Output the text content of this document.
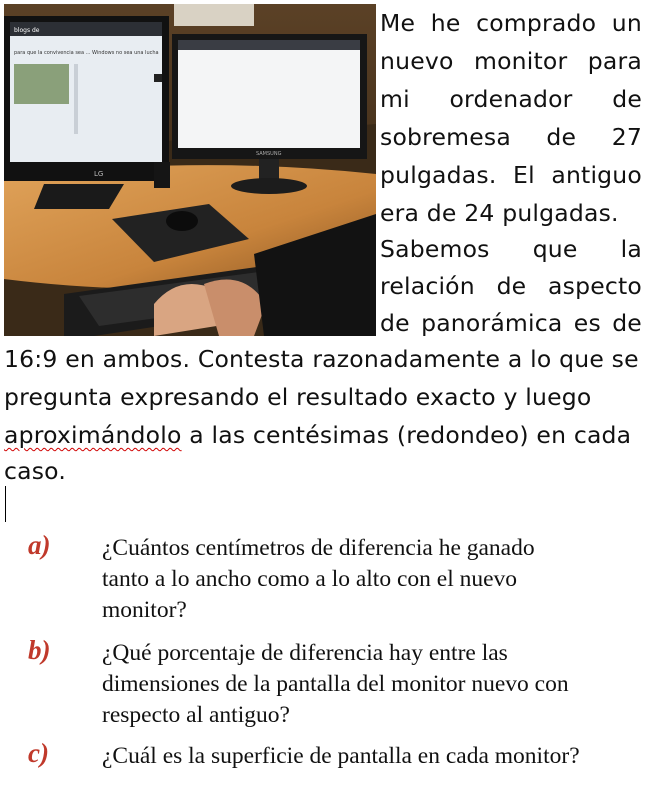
blogs de
para que la convivencia sea ... Windows no sea una lucha
LG
SAMSUNG
Me he comprado un
nuevo monitor para
mi ordenador de
sobremesa de 27
pulgadas. El antiguo
era de 24 pulgadas.
Sabemos que la
relación de aspecto
de panorámica es de
16:9 en ambos. Contesta razonadamente a lo que se
pregunta expresando el resultado exacto y luego
aproximándolo a las centésimas (redondeo) en cada
caso.
a) ¿Cuántos centímetros de diferencia he ganado
tanto a lo ancho como a lo alto con el nuevo
monitor?
b) ¿Qué porcentaje de diferencia hay entre las
dimensiones de la pantalla del monitor nuevo con
respecto al antiguo?
c) ¿Cuál es la superficie de pantalla en cada monitor?
